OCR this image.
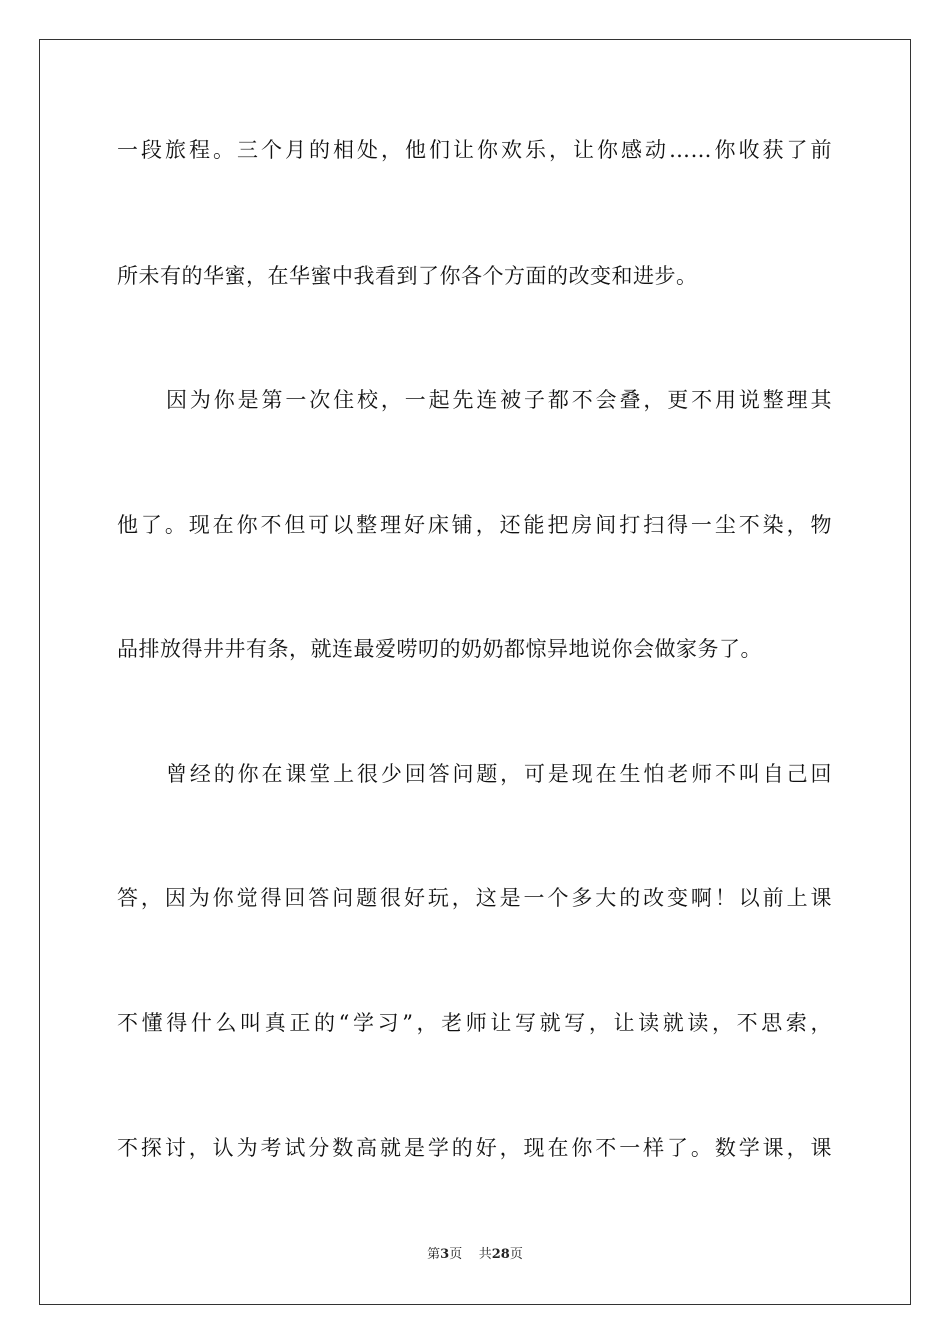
一段旅程。三个月的相处，他们让你欢乐，让你感动……你收获了前
所未有的华蜜，在华蜜中我看到了你各个方面的改变和进步。
因为你是第一次住校，一起先连被子都不会叠，更不用说整理其
他了。现在你不但可以整理好床铺，还能把房间打扫得一尘不染，物
品排放得井井有条，就连最爱唠叨的奶奶都惊异地说你会做家务了。
曾经的你在课堂上很少回答问题，可是现在生怕老师不叫自己回
答，因为你觉得回答问题很好玩，这是一个多大的改变啊！以前上课
不懂得什么叫真正的“学习”，老师让写就写，让读就读，不思索，
不探讨，认为考试分数高就是学的好，现在你不一样了。数学课，课
第3页 共28页
